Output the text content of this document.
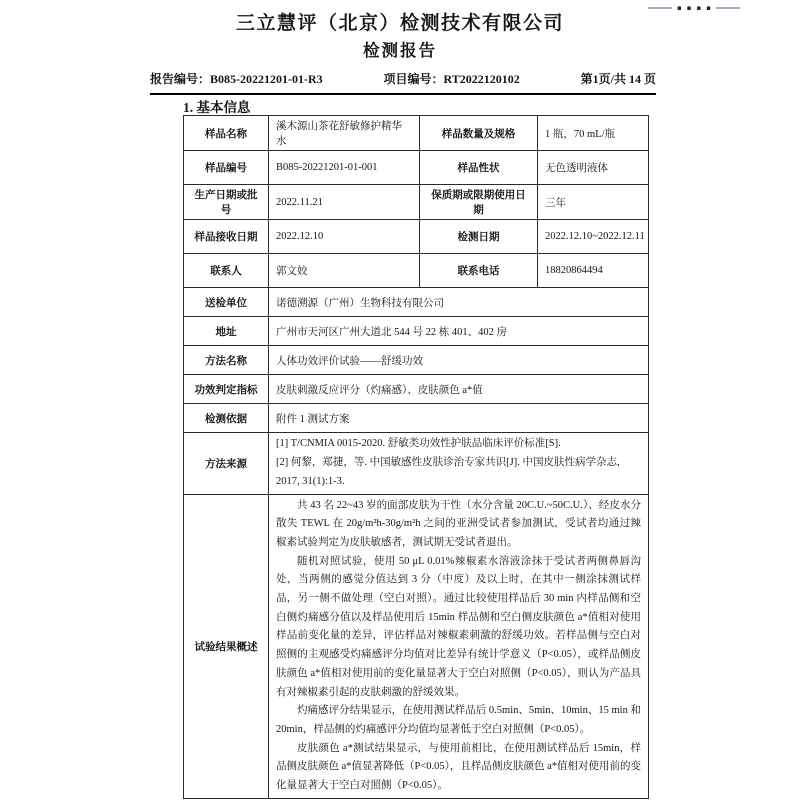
▪ ▪ ▪ ▪
三立慧评（北京）检测技术有限公司
检测报告
报告编号：B085-20221201-01-R3	项目编号：RT2022120102	第1页/共 14 页
1. 基本信息
样品名称	溪木源山茶花舒敏修护精华水	样品数量及规格	1 瓶，70 mL/瓶
样品编号	B085-20221201-01-001	样品性状	无色透明液体
生产日期或批号	2022.11.21	保质期或限期使用日期	三年
样品接收日期	2022.12.10	检测日期	2022.12.10~2022.12.11
联系人	郭文姣	联系电话	18820864494
送检单位	诺德溯源（广州）生物科技有限公司		
地址	广州市天河区广州大道北 544 号 22 栋 401、402 房		
方法名称	人体功效评价试验——舒缓功效		
功效判定指标	皮肤刺激反应评分（灼痛感）、皮肤颜色 a*值		
检测依据	附件 1 测试方案		
方法来源	[1] T/CNMIA 0015-2020. 舒敏类功效性护肤品临床评价标准[S].
[2] 何黎，郑捷，等. 中国敏感性皮肤诊治专家共识[J]. 中国皮肤性病学杂志, 2017, 31(1):1-3.		

试验结果概述	共 43 名 22~43 岁的面部皮肤为干性（水分含量 20C.U.~50C.U.）、经皮水分散失 TEWL 在 20g/m²h-30g/m²h 之间的亚洲受试者参加测试，受试者均通过辣椒素试验判定为皮肤敏感者，测试期无受试者退出。

随机对照试验，使用 50 μL 0.01%辣椒素水溶液涂抹于受试者两侧鼻唇沟处，当两侧的感觉分值达到 3 分（中度）及以上时，在其中一侧涂抹测试样品，另一侧不做处理（空白对照）。通过比较使用样品后 30 min 内样品侧和空白侧灼痛感分值以及样品使用后 15min 样品侧和空白侧皮肤颜色 a*值相对使用样品前变化量的差异，评估样品对辣椒素刺激的舒缓功效。若样品侧与空白对照侧的主观感受灼痛感评分均值对比差异有统计学意义（P<0.05），或样品侧皮肤颜色 a*值相对使用前的变化量显著大于空白对照侧（P<0.05），则认为产品具有对辣椒素引起的皮肤刺激的舒缓效果。

灼痛感评分结果显示，在使用测试样品后 0.5min、5min、10min、15 min 和 20min，样品侧的灼痛感评分均值均显著低于空白对照侧（P<0.05）。

皮肤颜色 a*测试结果显示，与使用前相比，在使用测试样品后 15min，样品侧皮肤颜色 a*值显著降低（P<0.05），且样品侧皮肤颜色 a*值相对使用前的变化量显著大于空白对照侧（P<0.05）。		
